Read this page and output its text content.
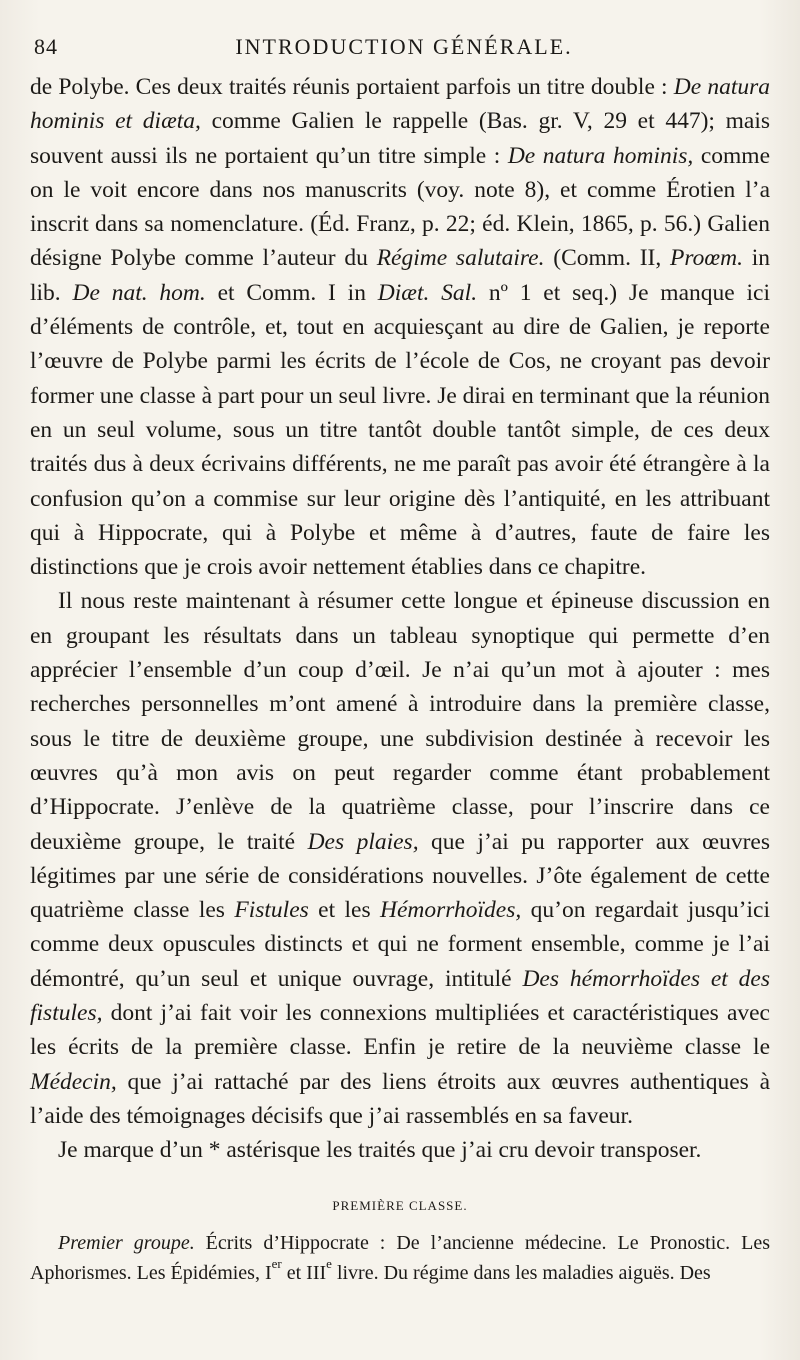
84	INTRODUCTION GÉNÉRALE.

de Polybe. Ces deux traités réunis portaient parfois un titre double : De natura hominis et diæta, comme Galien le rappelle (Bas. gr. V, 29 et 447); mais souvent aussi ils ne portaient qu’un titre simple : De natura hominis, comme on le voit encore dans nos manuscrits (voy. note 8), et comme Érotien l’a inscrit dans sa nomenclature. (Éd. Franz, p. 22; éd. Klein, 1865, p. 56.) Galien désigne Polybe comme l’auteur du Régime salutaire. (Comm. II, Proœm. in lib. De nat. hom. et Comm. I in Diæt. Sal. nº 1 et seq.) Je manque ici d’éléments de contrôle, et, tout en acquiesçant au dire de Galien, je reporte l’œuvre de Polybe parmi les écrits de l’école de Cos, ne croyant pas devoir former une classe à part pour un seul livre. Je dirai en terminant que la réunion en un seul volume, sous un titre tantôt double tantôt simple, de ces deux traités dus à deux écrivains différents, ne me paraît pas avoir été étrangère à la confusion qu’on a commise sur leur origine dès l’antiquité, en les attribuant qui à Hippocrate, qui à Polybe et même à d’autres, faute de faire les distinctions que je crois avoir nettement établies dans ce chapitre.

Il nous reste maintenant à résumer cette longue et épineuse discussion en en groupant les résultats dans un tableau synoptique qui permette d’en apprécier l’ensemble d’un coup d’œil. Je n’ai qu’un mot à ajouter : mes recherches personnelles m’ont amené à introduire dans la première classe, sous le titre de deuxième groupe, une subdivision destinée à recevoir les œuvres qu’à mon avis on peut regarder comme étant probablement d’Hippocrate. J’enlève de la quatrième classe, pour l’inscrire dans ce deuxième groupe, le traité Des plaies, que j’ai pu rapporter aux œuvres légitimes par une série de considérations nouvelles. J’ôte également de cette quatrième classe les Fistules et les Hémorrhoïdes, qu’on regardait jusqu’ici comme deux opuscules distincts et qui ne forment ensemble, comme je l’ai démontré, qu’un seul et unique ouvrage, intitulé Des hémorrhoïdes et des fistules, dont j’ai fait voir les connexions multipliées et caractéristiques avec les écrits de la première classe. Enfin je retire de la neuvième classe le Médecin, que j’ai rattaché par des liens étroits aux œuvres authentiques à l’aide des témoignages décisifs que j’ai rassemblés en sa faveur.

Je marque d’un * astérisque les traités que j’ai cru devoir transposer.

PREMIÈRE CLASSE.

Premier groupe. Écrits d’Hippocrate : De l’ancienne médecine. Le Pronostic. Les Aphorismes. Les Épidémies, Ier et IIIe livre. Du régime dans les maladies aiguës. Des
